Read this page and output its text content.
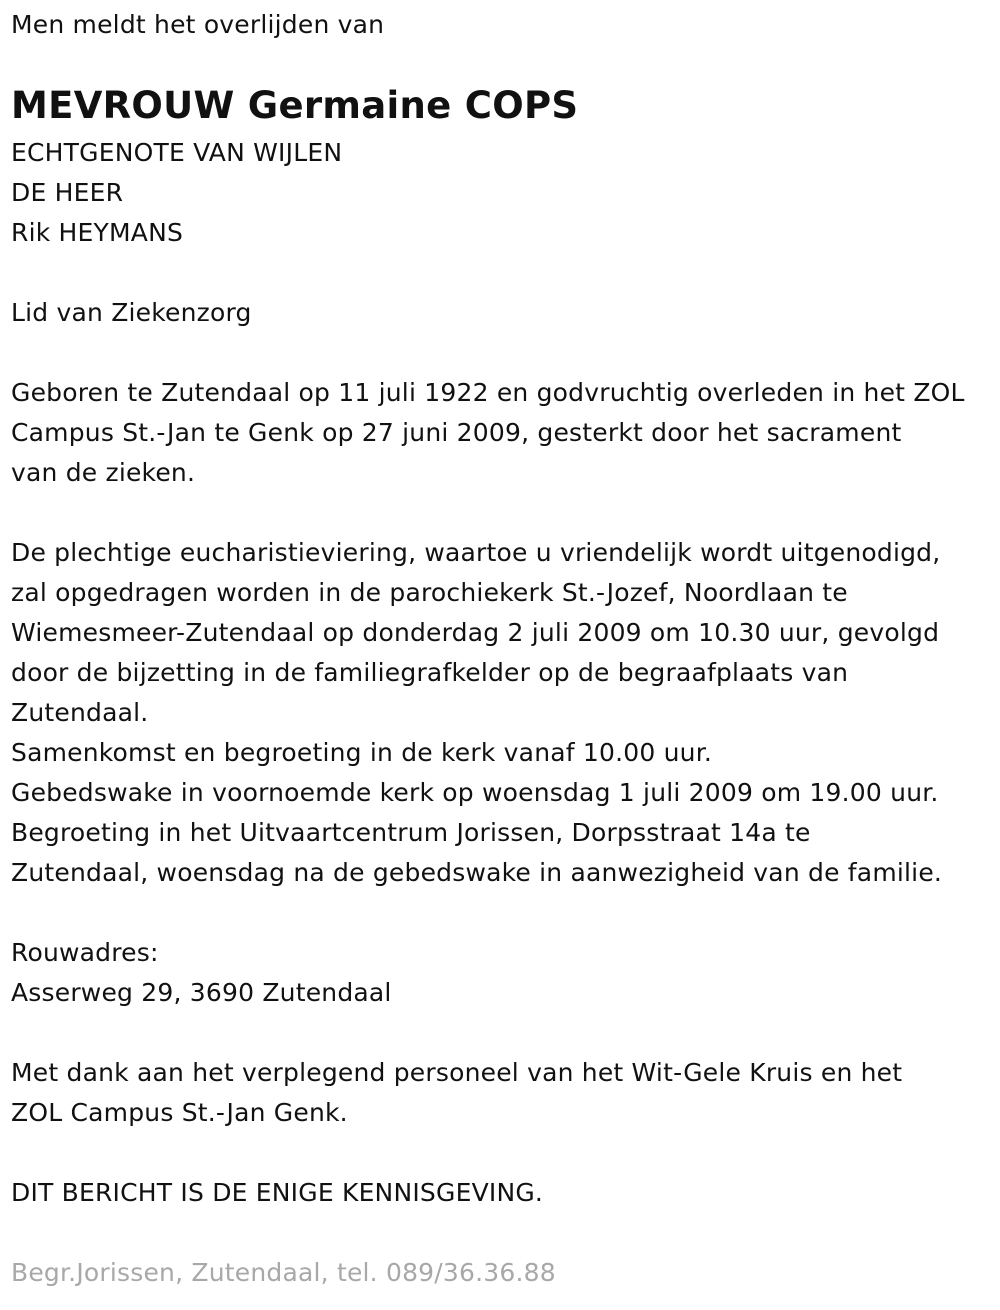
Men meldt het overlijden van
MEVROUW Germaine COPS
ECHTGENOTE VAN WIJLEN
DE HEER
Rik HEYMANS
Lid van Ziekenzorg
Geboren te Zutendaal op 11 juli 1922 en godvruchtig overleden in het ZOL
Campus St.-Jan te Genk op 27 juni 2009, gesterkt door het sacrament
van de zieken.
De plechtige eucharistieviering, waartoe u vriendelijk wordt uitgenodigd,
zal opgedragen worden in de parochiekerk St.-Jozef, Noordlaan te
Wiemesmeer-Zutendaal op donderdag 2 juli 2009 om 10.30 uur, gevolgd
door de bijzetting in de familiegrafkelder op de begraafplaats van
Zutendaal.
Samenkomst en begroeting in de kerk vanaf 10.00 uur.
Gebedswake in voornoemde kerk op woensdag 1 juli 2009 om 19.00 uur.
Begroeting in het Uitvaartcentrum Jorissen, Dorpsstraat 14a te
Zutendaal, woensdag na de gebedswake in aanwezigheid van de familie.
Rouwadres:
Asserweg 29, 3690 Zutendaal
Met dank aan het verplegend personeel van het Wit-Gele Kruis en het
ZOL Campus St.-Jan Genk.
DIT BERICHT IS DE ENIGE KENNISGEVING.
Begr.Jorissen, Zutendaal, tel. 089/36.36.88
